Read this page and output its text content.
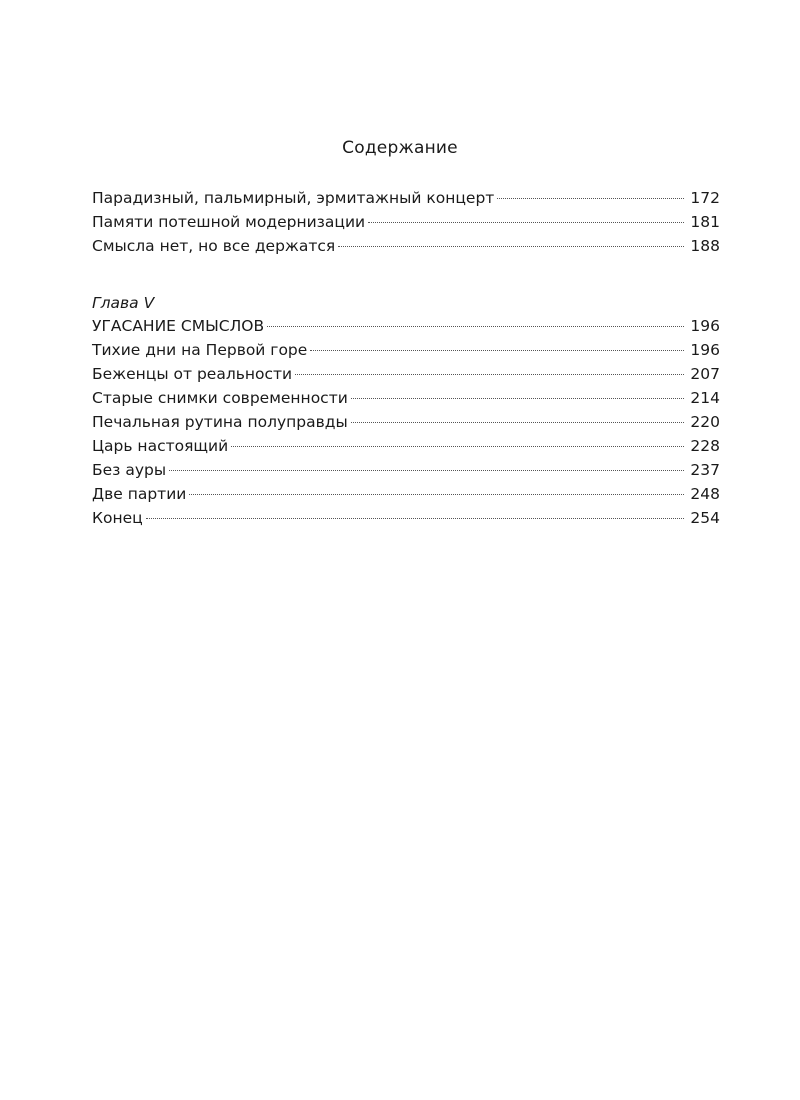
Содержание
Парадизный, пальмирный, эрмитажный концерт	172
Памяти потешной модернизации	181
Смысла нет, но все держатся	188
Глава V
УГАСАНИЕ СМЫСЛОВ	196
Тихие дни на Первой горе	196
Беженцы от реальности	207
Старые снимки современности	214
Печальная рутина полуправды	220
Царь настоящий	228
Без ауры	237
Две партии	248
Конец	254
